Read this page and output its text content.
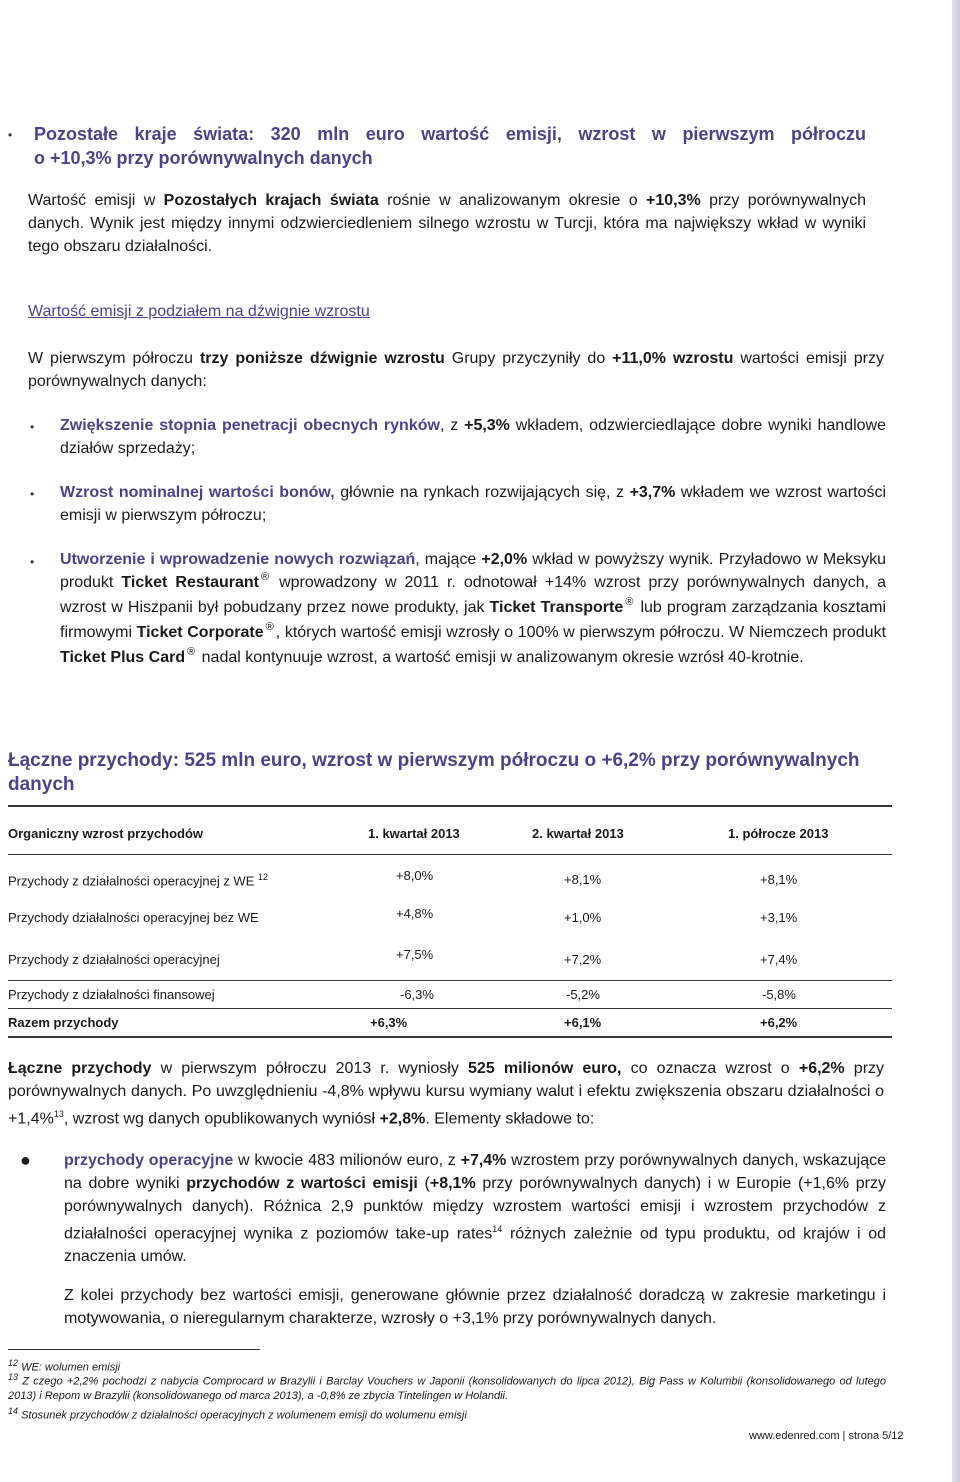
• Pozostałe kraje świata: 320 mln euro wartość emisji, wzrost w pierwszym półroczu
o +10,3% przy porównywalnych danych
Wartość emisji w Pozostałych krajach świata rośnie w analizowanym okresie o +10,3% przy porównywalnych danych. Wynik jest między innymi odzwierciedleniem silnego wzrostu w Turcji, która ma największy wkład w wyniki tego obszaru działalności.
Wartość emisji z podziałem na dźwignie wzrostu
W pierwszym półroczu trzy poniższe dźwignie wzrostu Grupy przyczyniły do +11,0% wzrostu wartości emisji przy porównywalnych danych:
• Zwiększenie stopnia penetracji obecnych rynków, z +5,3% wkładem, odzwierciedlające dobre wyniki handlowe działów sprzedaży;
• Wzrost nominalnej wartości bonów, głównie na rynkach rozwijających się, z +3,7% wkładem we wzrost wartości emisji w pierwszym półroczu;
• Utworzenie i wprowadzenie nowych rozwiązań, mające +2,0% wkład w powyższy wynik. Przyładowo w Meksyku produkt Ticket Restaurant ® wprowadzony w 2011 r. odnotował +14% wzrost przy porównywalnych danych, a wzrost w Hiszpanii był pobudzany przez nowe produkty, jak Ticket Transporte ® lub program zarządzania kosztami firmowymi Ticket Corporate ® , których wartość emisji wzrosły o 100% w pierwszym półroczu. W Niemczech produkt Ticket Plus Card ® nadal kontynuuje wzrost, a wartość emisji w analizowanym okresie wzrósł 40-krotnie.
Łączne przychody: 525 mln euro, wzrost w pierwszym półroczu o +6,2% przy porównywalnych danych
Organiczny wzrost przychodów	1. kwartał 2013	2. kwartał 2013	1. półrocze 2013
Przychody z działalności operacyjnej z WE $^{12}$	+8,0%	+8,1%	+8,1%
Przychody działalności operacyjnej bez WE	+4,8%	+1,0%	+3,1%
Przychody z działalności operacyjnej	+7,5%	+7,2%	+7,4%
Przychody z działalności finansowej	-6,3%	-5,2%	-5,8%
Razem przychody	+6,3%	+6,1%	+6,2%
Łączne przychody w pierwszym półroczu 2013 r. wyniosły 525 milionów euro, co oznacza wzrost o +6,2% przy porównywalnych danych. Po uwzględnieniu -4,8% wpływu kursu wymiany walut i efektu zwiększenia obszaru działalności o +1,4%$^{13}$, wzrost wg danych opublikowanych wyniósł +2,8%. Elementy składowe to:
● przychody operacyjne w kwocie 483 milionów euro, z +7,4% wzrostem przy porównywalnych danych, wskazujące na dobre wyniki przychodów z wartości emisji (+8,1% przy porównywalnych danych) i w Europie (+1,6% przy porównywalnych danych). Różnica 2,9 punktów między wzrostem wartości emisji i wzrostem przychodów z działalności operacyjnej wynika z poziomów take-up rates$^{14}$ różnych zależnie od typu produktu, od krajów i od znaczenia umów.
Z kolei przychody bez wartości emisji, generowane głównie przez działalność doradczą w zakresie marketingu i motywowania, o nieregularnym charakterze, wzrosły o +3,1% przy porównywalnych danych.
$^{12}$ WE: wolumen emisji
$^{13}$ Z czego +2,2% pochodzi z nabycia Comprocard w Brazylii i Barclay Vouchers w Japonii (konsolidowanych do lipca 2012), Big Pass w Kolumbii (konsolidowanego od lutego 2013) i Repom w Brazylii (konsolidowanego od marca 2013), a -0,8% ze zbycia Tintelingen w Holandii.
$^{14}$ Stosunek przychodów z działalności operacyjnych z wolumenem emisji do wolumenu emisji
www.edenred.com | strona 5/12
